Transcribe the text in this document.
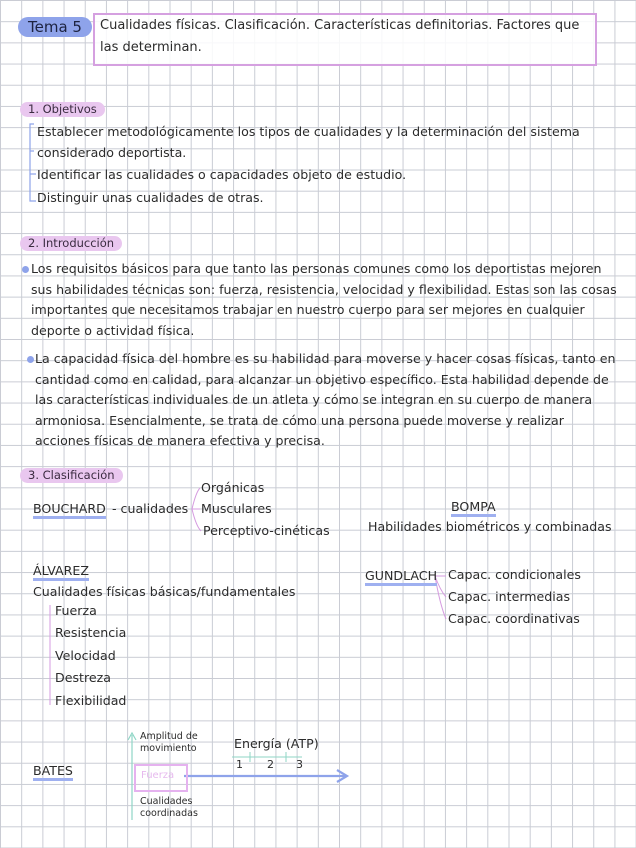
Tema 5	Cualidades físicas. Clasificación. Características definitorias. Factores que las determinan.
1. Objetivos
Establecer metodológicamente los tipos de cualidades y la determinación del sistema considerado deportista.
Identificar las cualidades o capacidades objeto de estudio.
Distinguir unas cualidades de otras.
2. Introducción
Los requisitos básicos para que tanto las personas comunes como los deportistas mejoren sus habilidades técnicas son: fuerza, resistencia, velocidad y flexibilidad. Estas son las cosas importantes que necesitamos trabajar en nuestro cuerpo para ser mejores en cualquier deporte o actividad física.
La capacidad física del hombre es su habilidad para moverse y hacer cosas físicas, tanto en cantidad como en calidad, para alcanzar un objetivo específico. Esta habilidad depende de las características individuales de un atleta y cómo se integran en su cuerpo de manera armoniosa. Esencialmente, se trata de cómo una persona puede moverse y realizar acciones físicas de manera efectiva y precisa.
3. Clasificación
BOUCHARD - cualidades
Orgánicas
Musculares
Perceptivo-cinéticas
BOMPA
Habilidades biométricos y combinadas
ÁLVAREZ
Cualidades físicas básicas/fundamentales
Fuerza
Resistencia
Velocidad
Destreza
Flexibilidad
GUNDLACH Capac. condicionales
Capac. intermedias
Capac. coordinativas
BATES
Amplitud de movimiento
Fuerza
Cualidades coordinadas
Energía (ATP)
1 2 3
